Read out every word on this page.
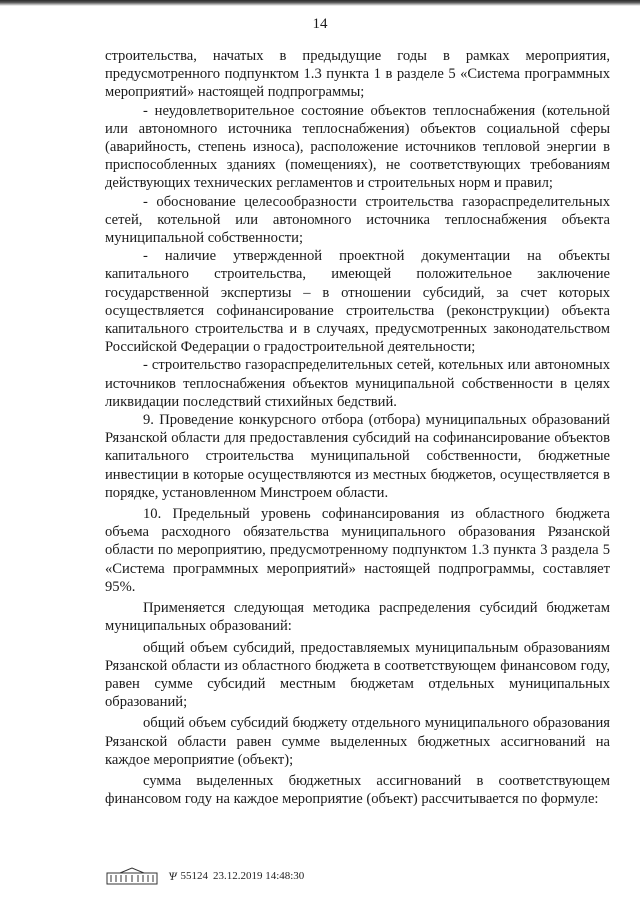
14

строительства, начатых в предыдущие годы в рамках мероприятия, предусмотренного подпунктом 1.3 пункта 1 в разделе 5 «Система программных мероприятий» настоящей подпрограммы;

- неудовлетворительное состояние объектов теплоснабжения (котельной или автономного источника теплоснабжения) объектов социальной сферы (аварийность, степень износа), расположение источников тепловой энергии в приспособленных зданиях (помещениях), не соответствующих требованиям действующих технических регламентов и строительных норм и правил;

- обоснование целесообразности строительства газораспределительных сетей, котельной или автономного источника теплоснабжения объекта муниципальной собственности;

- наличие утвержденной проектной документации на объекты капитального строительства, имеющей положительное заключение государственной экспертизы – в отношении субсидий, за счет которых осуществляется софинансирование строительства (реконструкции) объекта капитального строительства и в случаях, предусмотренных законодательством Российской Федерации о градостроительной деятельности;

- строительство газораспределительных сетей, котельных или автономных источников теплоснабжения объектов муниципальной собственности в целях ликвидации последствий стихийных бедствий.

9. Проведение конкурсного отбора (отбора) муниципальных образований Рязанской области для предоставления субсидий на софинансирование объектов капитального строительства муниципальной собственности, бюджетные инвестиции в которые осуществляются из местных бюджетов, осуществляется в порядке, установленном Минстроем области.

10. Предельный уровень софинансирования из областного бюджета объема расходного обязательства муниципального образования Рязанской области по мероприятию, предусмотренному подпунктом 1.3 пункта 3 раздела 5 «Система программных мероприятий» настоящей подпрограммы, составляет 95%.

Применяется следующая методика распределения субсидий бюджетам муниципальных образований:

общий объем субсидий, предоставляемых муниципальным образованиям Рязанской области из областного бюджета в соответствующем финансовом году, равен сумме субсидий местным бюджетам отдельных муниципальных образований;

общий объем субсидий бюджету отдельного муниципального образования Рязанской области равен сумме выделенных бюджетных ассигнований на каждое мероприятие (объект);

сумма выделенных бюджетных ассигнований в соответствующем финансовом году на каждое мероприятие (объект) рассчитывается по формуле:

Ѱ 55124 23.12.2019 14:48:30
